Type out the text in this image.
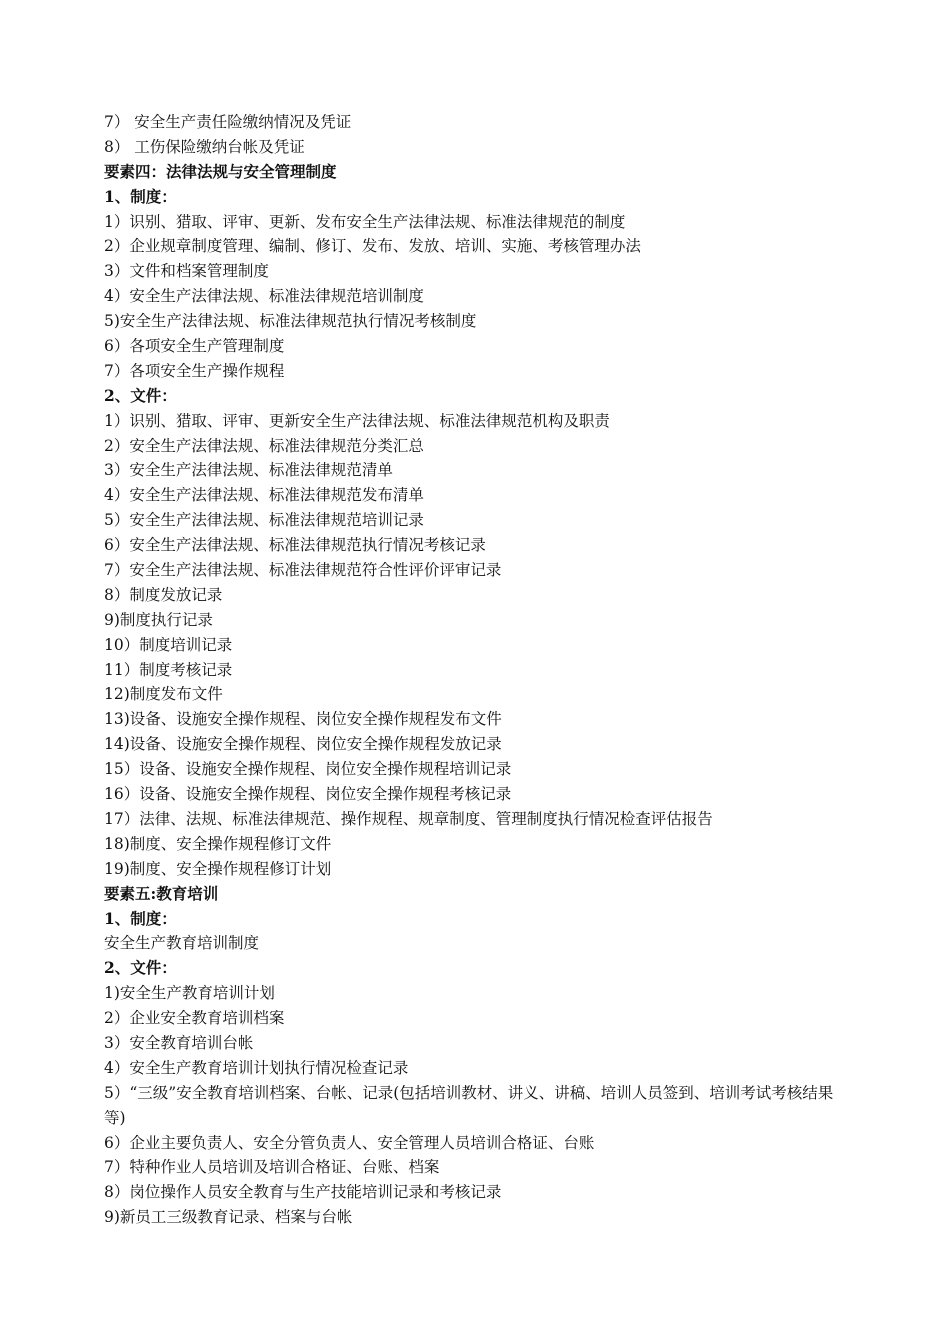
7） 安全生产责任险缴纳情况及凭证
8） 工伤保险缴纳台帐及凭证
要素四：法律法规与安全管理制度
1、制度：
1）识别、猎取、评审、更新、发布安全生产法律法规、标准法律规范的制度
2）企业规章制度管理、编制、修订、发布、发放、培训、实施、考核管理办法
3）文件和档案管理制度
4）安全生产法律法规、标准法律规范培训制度
5)安全生产法律法规、标准法律规范执行情况考核制度
6）各项安全生产管理制度
7）各项安全生产操作规程
2、文件：
1）识别、猎取、评审、更新安全生产法律法规、标准法律规范机构及职责
2）安全生产法律法规、标准法律规范分类汇总
3）安全生产法律法规、标准法律规范清单
4）安全生产法律法规、标准法律规范发布清单
5）安全生产法律法规、标准法律规范培训记录
6）安全生产法律法规、标准法律规范执行情况考核记录
7）安全生产法律法规、标准法律规范符合性评价评审记录
8）制度发放记录
9)制度执行记录
10）制度培训记录
11）制度考核记录
12)制度发布文件
13)设备、设施安全操作规程、岗位安全操作规程发布文件
14)设备、设施安全操作规程、岗位安全操作规程发放记录
15）设备、设施安全操作规程、岗位安全操作规程培训记录
16）设备、设施安全操作规程、岗位安全操作规程考核记录
17）法律、法规、标准法律规范、操作规程、规章制度、管理制度执行情况检查评估报告
18)制度、安全操作规程修订文件
19)制度、安全操作规程修订计划
要素五:教育培训
1、制度：
安全生产教育培训制度
2、文件：
1)安全生产教育培训计划
2）企业安全教育培训档案
3）安全教育培训台帐
4）安全生产教育培训计划执行情况检查记录
5）“三级”安全教育培训档案、台帐、记录(包括培训教材、讲义、讲稿、培训人员签到、培训考试考核结果等)
6）企业主要负责人、安全分管负责人、安全管理人员培训合格证、台账
7）特种作业人员培训及培训合格证、台账、档案
8）岗位操作人员安全教育与生产技能培训记录和考核记录
9)新员工三级教育记录、档案与台帐
